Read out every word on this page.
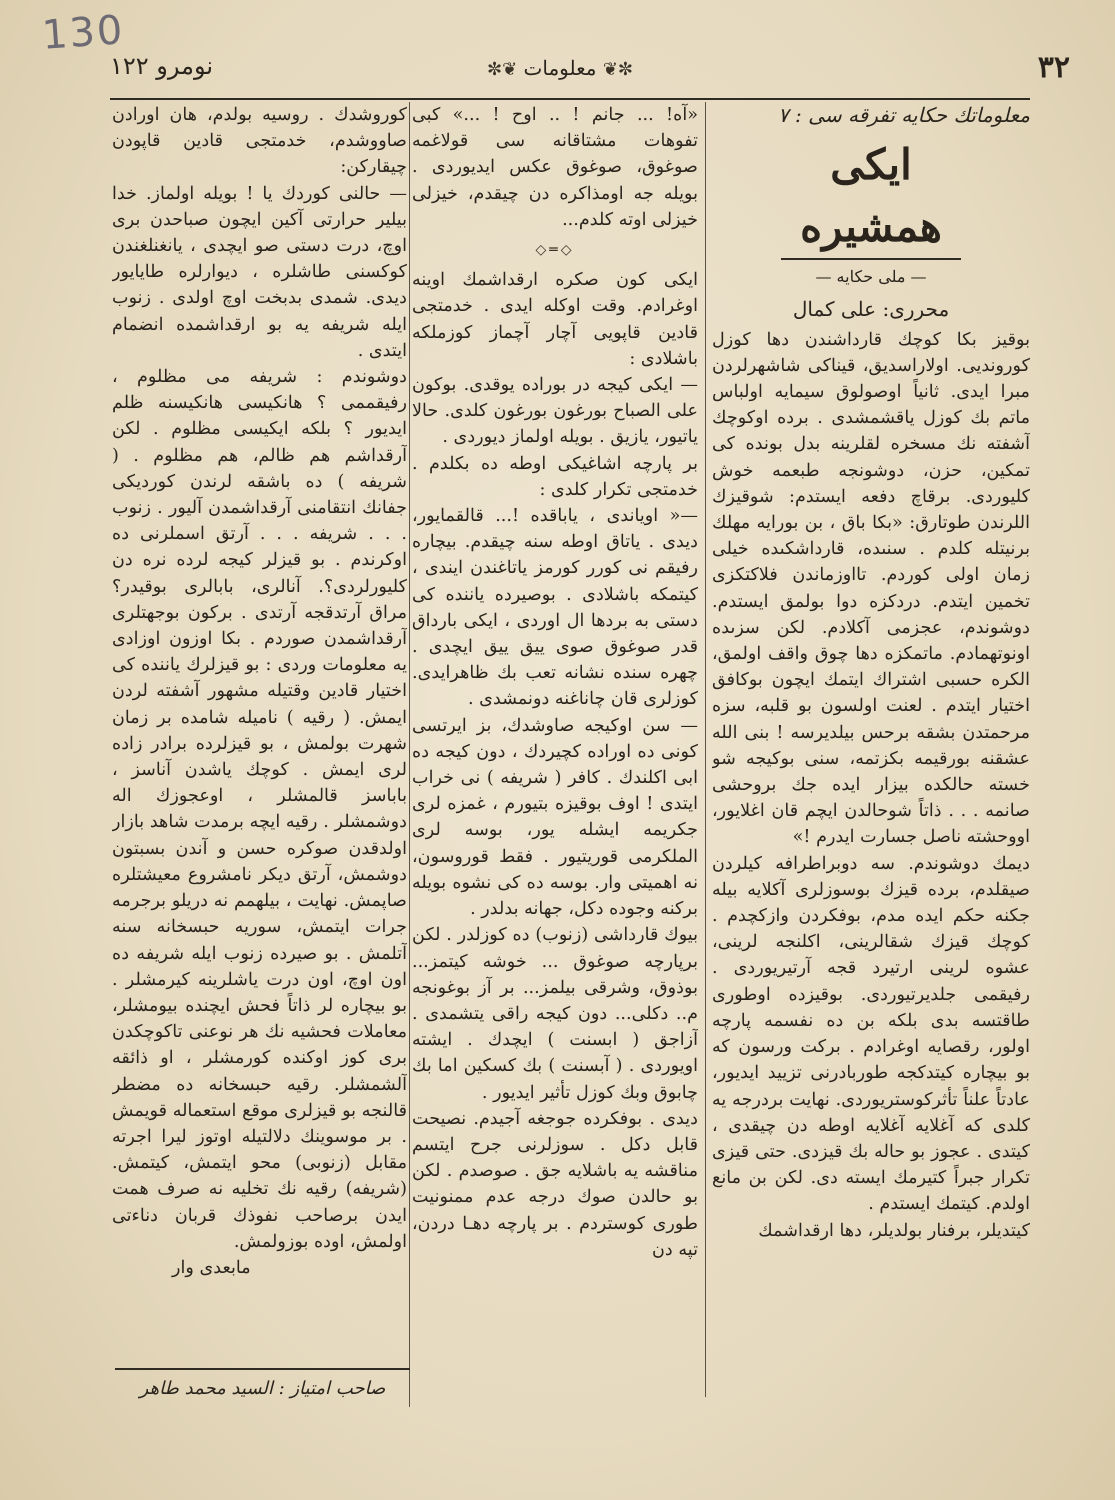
130
نومرو ١٢٢	✼❦ معلومات ❦✼	٣٢
معلوماتك حكايه تفرقه سى : ٧
ايكى همشيره
— ملى حكايه —
محررى: على كمال

بوقيز بكا كوچك قارداشندن دها كوزل كورونديى. اولاراسديق، قيناكى شاشهرلردن مبرا ايدى. ثانياً اوصولوق سيمايه اولباس ماتم بك كوزل ياقشمشدى . برده اوكوچك آشفته نك مسخره لقلرينه بدل بونده كى تمكين، حزن، دوشونجه طبعمه خوش كليوردى. برقاچ دفعه ايستدم: شوقيزك اللرندن طوتارق: «بكا باق ، بن بورايه مهلك برنيتله كلدم . سنىده، قارداشكىده خيلى زمان اولى كوردم. تااوزماندن فلاكتكزى تخمين ايتدم. دردكزه دوا بولمق ايستدم. دوشوندم، عجزمى آكلادم. لكن سزىده اونوتهمادم. ماتمكزه دها چوق واقف اولمق، الكره حسبى اشتراك ايتمك ايچون بوكافق اختيار ايتدم . لعنت اولسون بو قلبه، سزه مرحمتدن بشقه برحس بيلديرسه ! بنى الله عشقنه بورقيمه بكزتمه، سنى بوكيجه شو خسته حالكده بيزار ايده جك بروحشى صانمه . . . ذاتاً شوحالدن ايچم قان اغلايور، اووحشته ناصل جسارت ايدرم !»

ديمك دوشوندم. سه دوبراطرافه كيلردن صيقلدم، برده قيزك بوسوزلرى آكلايه بيله جكنه حكم ايده مدم، بوفكردن وازكچدم . كوچك قيزك شقالرينى، اكلنجه لرينى، عشوه لرينى ارتيرد قجه آرتيريوردى . رفيقمى جلديرتيوردى. بوقيزده اوطورى طاقتسه بدى بلكه بن ده نفسمه پارچه اولور، رقصايه اوغرادم . بركت ورسون كه بو بيچاره كيتدكجه طوربادرنى تزييد ايديور، عادتاً علناً تأثركوستريوردى. نهايت بردرجه يه كلدى كه آغلايه آغلايه اوطه دن چيقدى ، كيتدى . عجوز بو حاله بك قيزدى. حتى قيزى تكرار جبراً كتيرمك ايسته دى. لكن بن مانع اولدم. كيتمك ايستدم .

كيتديلر، برفنار بولديلر، دها ارقداشمك

«آه! ... جانم ! .. اوح ! ...» كبى تفوهات مشتاقانه سى قولاغمه صوغوق، صوغوق عكس ايديوردى . بويله جه اومذاكره دن چيقدم، خيزلى خيزلى اوته كلدم...

◇═◇

ايكى كون صكره ارقداشمك اوينه اوغرادم. وقت اوكله ايدى . خدمتجى قادين قاپويى آچار آچماز كوزملكه باشلادى :

— ايكى كيجه در بوراده يوقدى. بوكون على الصباح بورغون بورغون كلدى. حالا ياتيور، يازيق . بويله اولماز ديوردى .

بر پارچه اشاغيكى اوطه ده بكلدم . خدمتجى تكرار كلدى :

—« اوياندى ، ياباقده !... قالقمايور، ديدى . ياتاق اوطه سنه چيقدم. بيچاره رفيقم نى كورر كورمز ياتاغندن ايندى ، كيتمكه باشلادى . بوصيرده ياننده كى دستى به بردها ال اوردى ، ايكى بارداق قدر صوغوق صوى ييق ييق ايچدى . چهره سنده نشانه تعب بك ظاهرايدى. كوزلرى قان چاناغنه دونمشدى .

— سن اوكيجه صاوشدك، بز ايرتسى كونى ده اوراده كچيردك ، دون كيجه ده ابى اكلندك . كافر ( شريفه ) نى خراب ايتدى ! اوف بوقيزه بتيورم ، غمزه لرى جكريمه ايشله يور، بوسه لرى الملكرمى قوريتيور . فقط قوروسون، نه اهميتى وار. بوسه ده كى نشوه بويله بركنه وجوده دكل، جهانه بدلدر .

بيوك قارداشى (زنوب) ده كوزلدر . لكن برپارچه صوغوق ... خوشه كيتمز... بوذوق، وشرقى بيلمز... بر آز بوغونجه م.. دكلى... دون كيجه راقى يتشمدى . آزاجق ( ابسنت ) ايچدك . ايشته اويوردى . ( آبسنت ) بك كسكين اما بك چابوق وبك كوزل تأثير ايديور .

ديدى . بوفكرده جوجغه آجيدم. نصيحت قابل دكل . سوزلرنى جرح ايتسم مناقشه يه باشلايه جق . صوصدم . لكن بو حالدن صوك درجه عدم ممنونيت طورى كوستردم . بر پارچه دهـا دردن، تپه دن

كوروشدك . روسيه بولدم، هان اورادن صاووشدم، خدمتجى قادين قاپودن چيقاركن:

— حالنى كوردك يا ! بويله اولماز. خدا بيلير حرارتى آكين ايچون صباحدن برى اوچ، درت دستى صو ايچدى ، يانغنلغندن كوكسنى طاشلره ، ديوارلره طايايور ديدى. شمدى بدبخت اوچ اولدى . زنوب ايله شريفه يه بو ارقداشمده انضمام ايتدى .

دوشوندم : شريفه مى مظلوم ، رفيقممى ؟ هانكيسى هانكيسنه ظلم ايديور ؟ بلكه ايكيسى مظلوم . لكن آرقداشم هم ظالم، هم مظلوم . ( شريفه ) ده باشقه لرندن كورديكى جفانك انتقامنى آرقداشمدن آليور . زنوب . . . شريفه . . . آرتق اسملرنى ده اوكرندم . بو قيزلر كيجه لرده نره دن كليورلردى؟. آنالرى، بابالرى بوقيدر؟ مراق آرتدقجه آرتدى . بركون بوجهتلرى آرقداشمدن صوردم . بكا اوزون اوزادى يه معلومات وردى : بو قيزلرك ياننده كى اختيار قادين وقتيله مشهور آشفته لردن ايمش. ( رقيه ) ناميله شامده بر زمان شهرت بولمش ، بو قيزلرده برادر زاده لرى ايمش . كوچك ياشدن آناسز ، باباسز قالمشلر ، اوعجوزك اله دوشمشلر . رقيه ايچه برمدت شاهد بازار اولدقدن صوكره حسن و آندن بسبتون دوشمش، آرتق ديكر نامشروع معيشتلره صاپمش. نهايت ، بيلهمم نه دريلو برجرمه جرات ايتمش، سوريه حبسخانه سنه آتلمش . بو صيرده زنوب ايله شريفه ده اون اوچ، اون درت ياشلرينه كيرمشلر . بو بيچاره لر ذاتاً فحش ايچنده بيومشلر، معاملات فحشيه نك هر نوعنى تاكوچكدن برى كوز اوكنده كورمشلر ، او ذائقه آلشمشلر. رقيه حبسخانه ده مضطر قالنجه بو قيزلرى موقع استعماله قويمش . بر موسوينك دلالتيله اوتوز ليرا اجرته مقابل (زنوبى) محو ايتمش، كيتمش. (شريفه) رقيه نك تخليه نه صرف همت ايدن برصاحب نفوذك قربان دناءتى اولمش، اوده بوزولمش.

مابعدى وار

صاحب امتياز : السيد محمد طاهر
